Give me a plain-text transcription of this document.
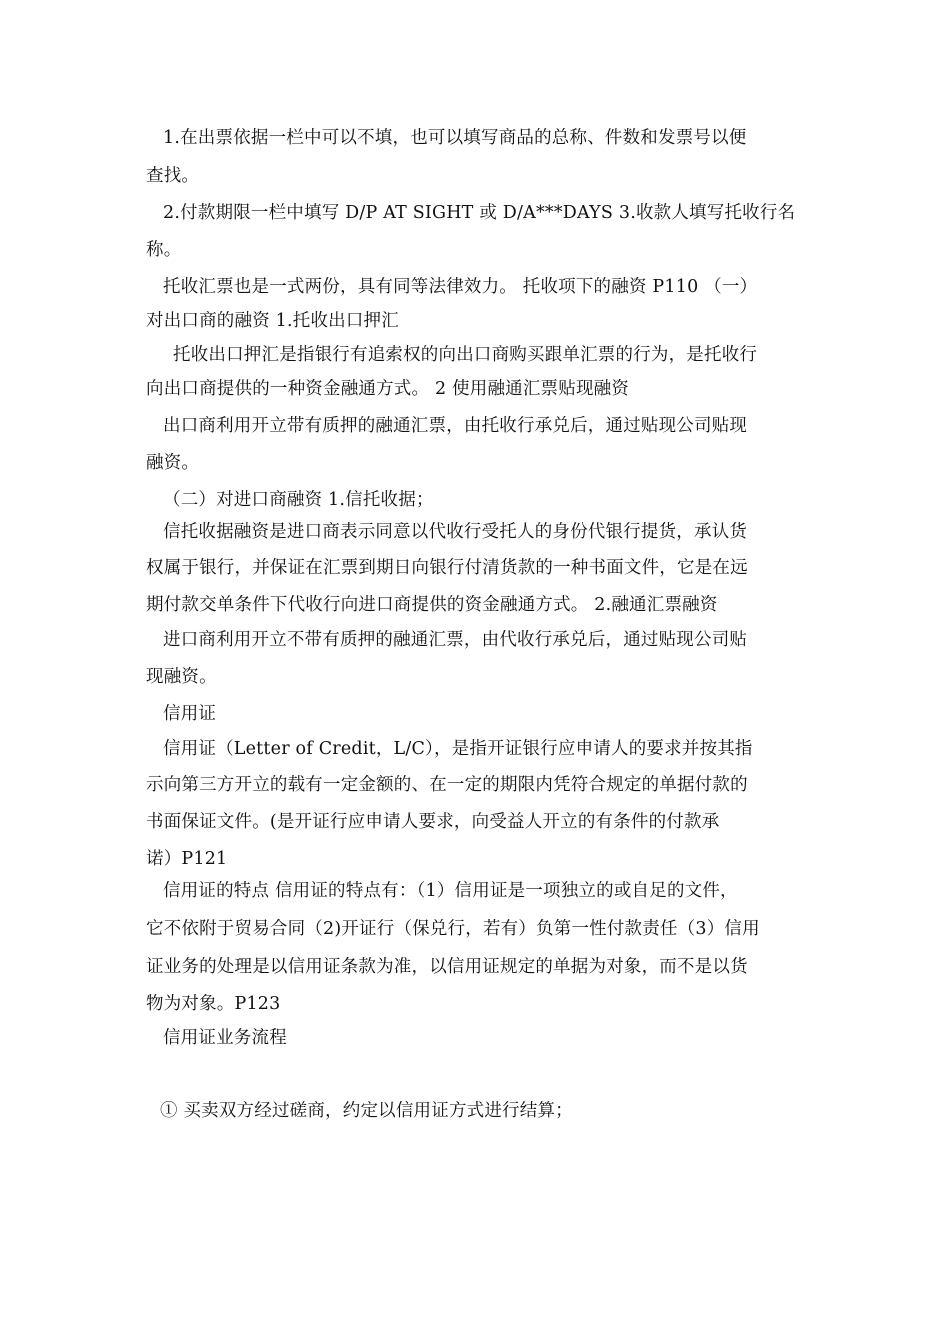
1.在出票依据一栏中可以不填，也可以填写商品的总称、件数和发票号以便
查找。
2.付款期限一栏中填写 D/P AT SIGHT 或 D/A***DAYS 3.收款人填写托收行名
称。
托收汇票也是一式两份，具有同等法律效力。 托收项下的融资 P110 （一）
对出口商的融资 1.托收出口押汇
托收出口押汇是指银行有追索权的向出口商购买跟单汇票的行为，是托收行
向出口商提供的一种资金融通方式。 2 使用融通汇票贴现融资
出口商利用开立带有质押的融通汇票，由托收行承兑后，通过贴现公司贴现
融资。
（二）对进口商融资 1.信托收据；
信托收据融资是进口商表示同意以代收行受托人的身份代银行提货，承认货
权属于银行，并保证在汇票到期日向银行付清货款的一种书面文件，它是在远
期付款交单条件下代收行向进口商提供的资金融通方式。 2.融通汇票融资
进口商利用开立不带有质押的融通汇票，由代收行承兑后，通过贴现公司贴
现融资。
信用证
信用证（Letter of Credit，L/C），是指开证银行应申请人的要求并按其指
示向第三方开立的载有一定金额的、在一定的期限内凭符合规定的单据付款的
书面保证文件。(是开证行应申请人要求，向受益人开立的有条件的付款承
诺）P121
信用证的特点 信用证的特点有：（1）信用证是一项独立的或自足的文件，
它不依附于贸易合同（2)开证行（保兑行，若有）负第一性付款责任（3）信用
证业务的处理是以信用证条款为准，以信用证规定的单据为对象，而不是以货
物为对象。P123
信用证业务流程
① 买卖双方经过磋商，约定以信用证方式进行结算；
